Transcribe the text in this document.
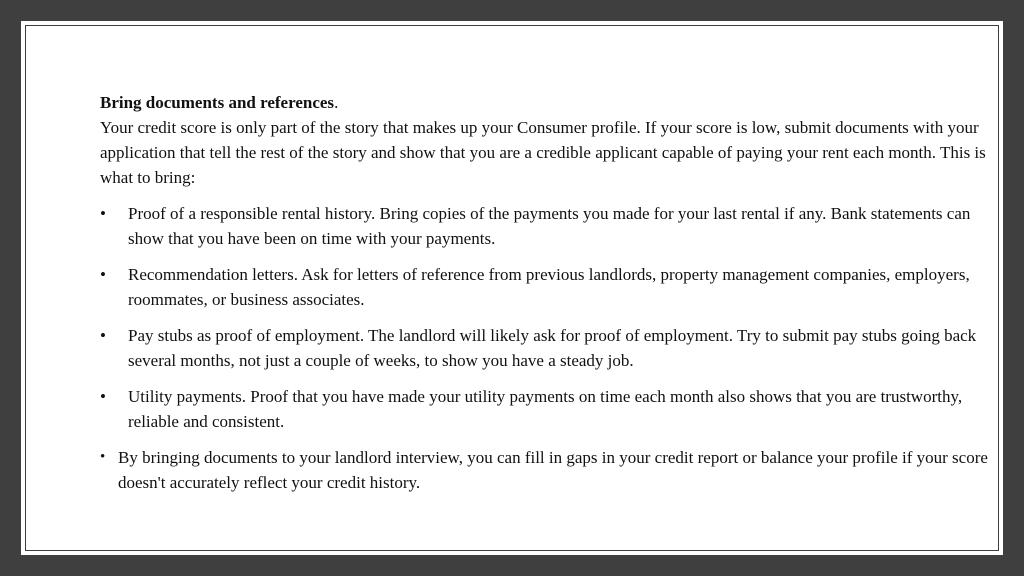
Bring documents and references.

Your credit score is only part of the story that makes up your Consumer profile. If your score is low, submit documents with your application that tell the rest of the story and show that you are a credible applicant capable of paying your rent each month. This is what to bring:

•	Proof of a responsible rental history. Bring copies of the payments you made for your last rental if any. Bank statements can show that you have been on time with your payments.
•	Recommendation letters. Ask for letters of reference from previous landlords, property management companies, employers, roommates, or business associates.
•	Pay stubs as proof of employment. The landlord will likely ask for proof of employment. Try to submit pay stubs going back several months, not just a couple of weeks, to show you have a steady job.
•	Utility payments. Proof that you have made your utility payments on time each month also shows that you are trustworthy, reliable and consistent.

• By bringing documents to your landlord interview, you can fill in gaps in your credit report or balance your profile if your score doesn't accurately reflect your credit history.
